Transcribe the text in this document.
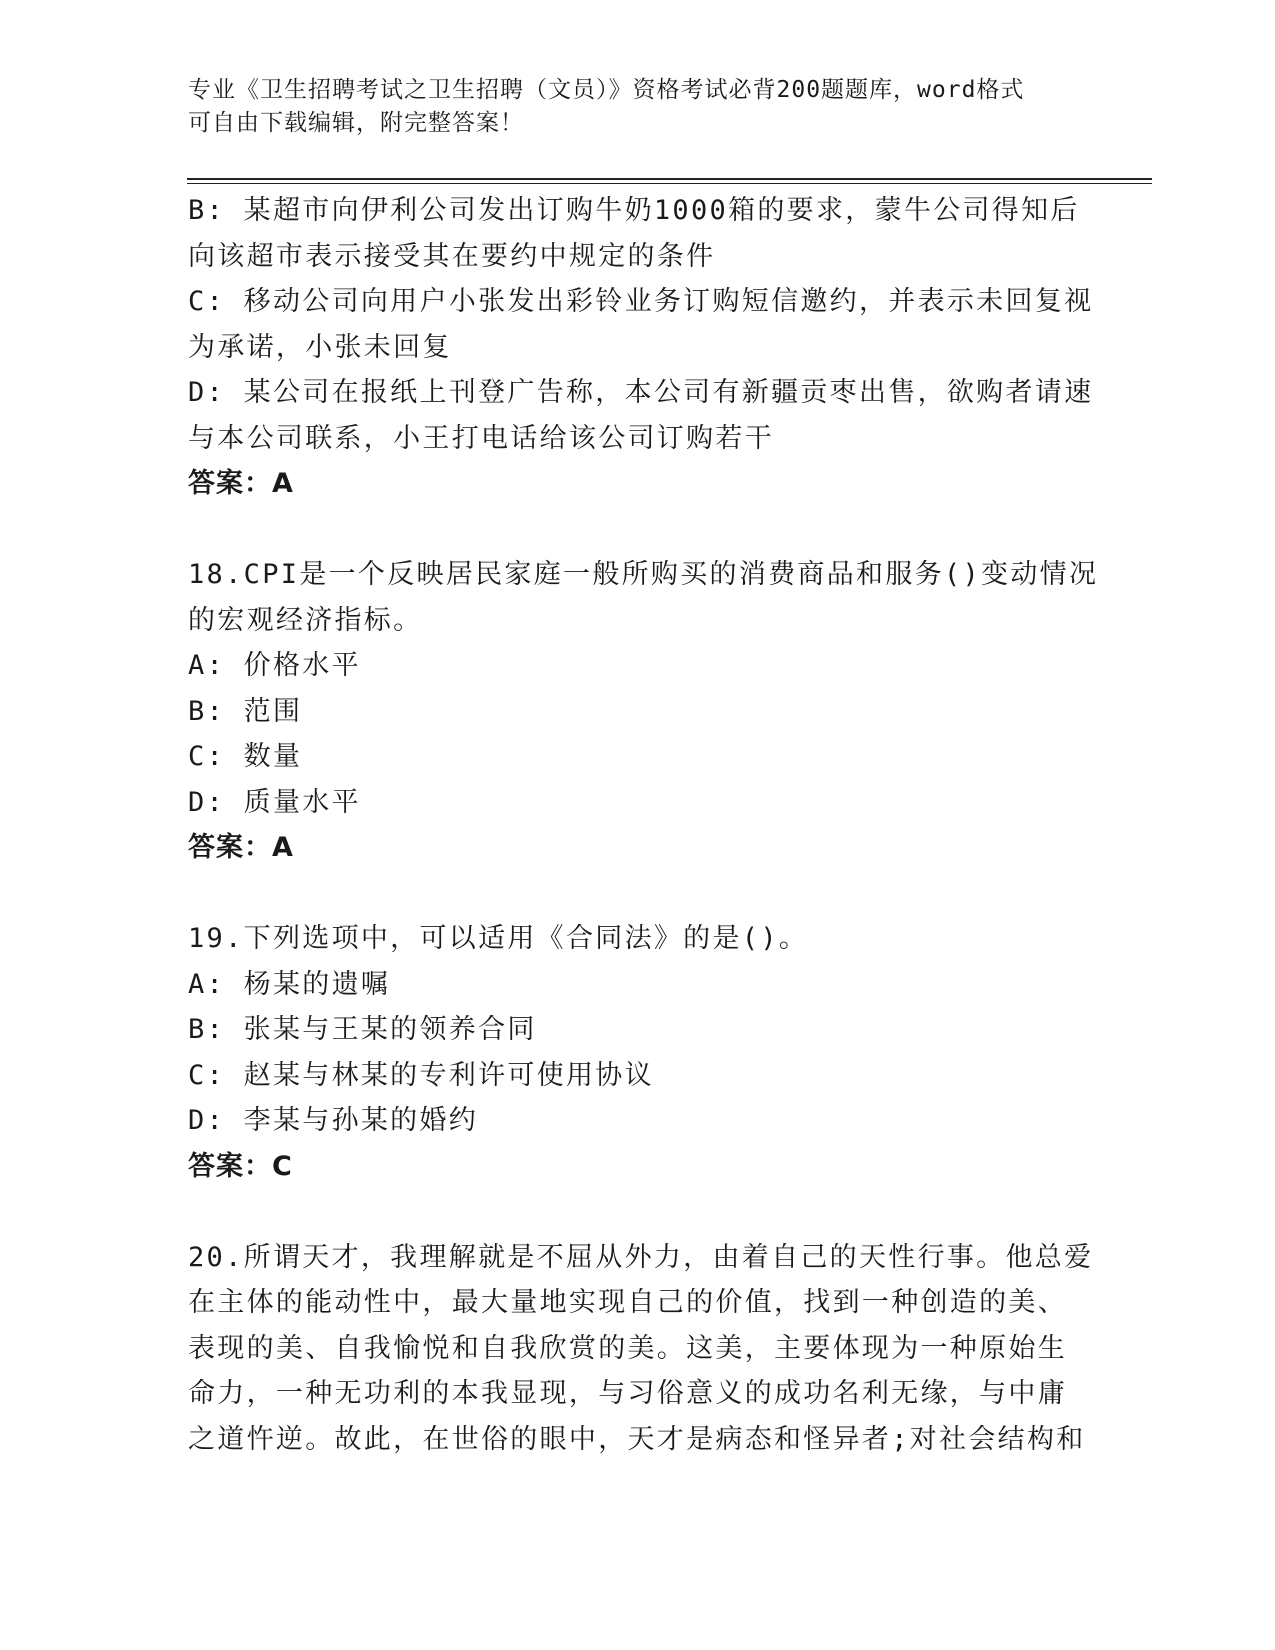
专业《卫生招聘考试之卫生招聘（文员）》资格考试必背200题题库，word格式
可自由下载编辑，附完整答案！
B: 某超市向伊利公司发出订购牛奶1000箱的要求，蒙牛公司得知后
向该超市表示接受其在要约中规定的条件
C: 移动公司向用户小张发出彩铃业务订购短信邀约，并表示未回复视
为承诺，小张未回复
D: 某公司在报纸上刊登广告称，本公司有新疆贡枣出售，欲购者请速
与本公司联系，小王打电话给该公司订购若干
答案：A
18.CPI是一个反映居民家庭一般所购买的消费商品和服务()变动情况
的宏观经济指标。
A: 价格水平
B: 范围
C: 数量
D: 质量水平
答案：A
19.下列选项中，可以适用《合同法》的是()。
A: 杨某的遗嘱
B: 张某与王某的领养合同
C: 赵某与林某的专利许可使用协议
D: 李某与孙某的婚约
答案：C
20.所谓天才，我理解就是不屈从外力，由着自己的天性行事。他总爱
在主体的能动性中，最大量地实现自己的价值，找到一种创造的美、
表现的美、自我愉悦和自我欣赏的美。这美，主要体现为一种原始生
命力，一种无功利的本我显现，与习俗意义的成功名利无缘，与中庸
之道忤逆。故此，在世俗的眼中，天才是病态和怪异者;对社会结构和
